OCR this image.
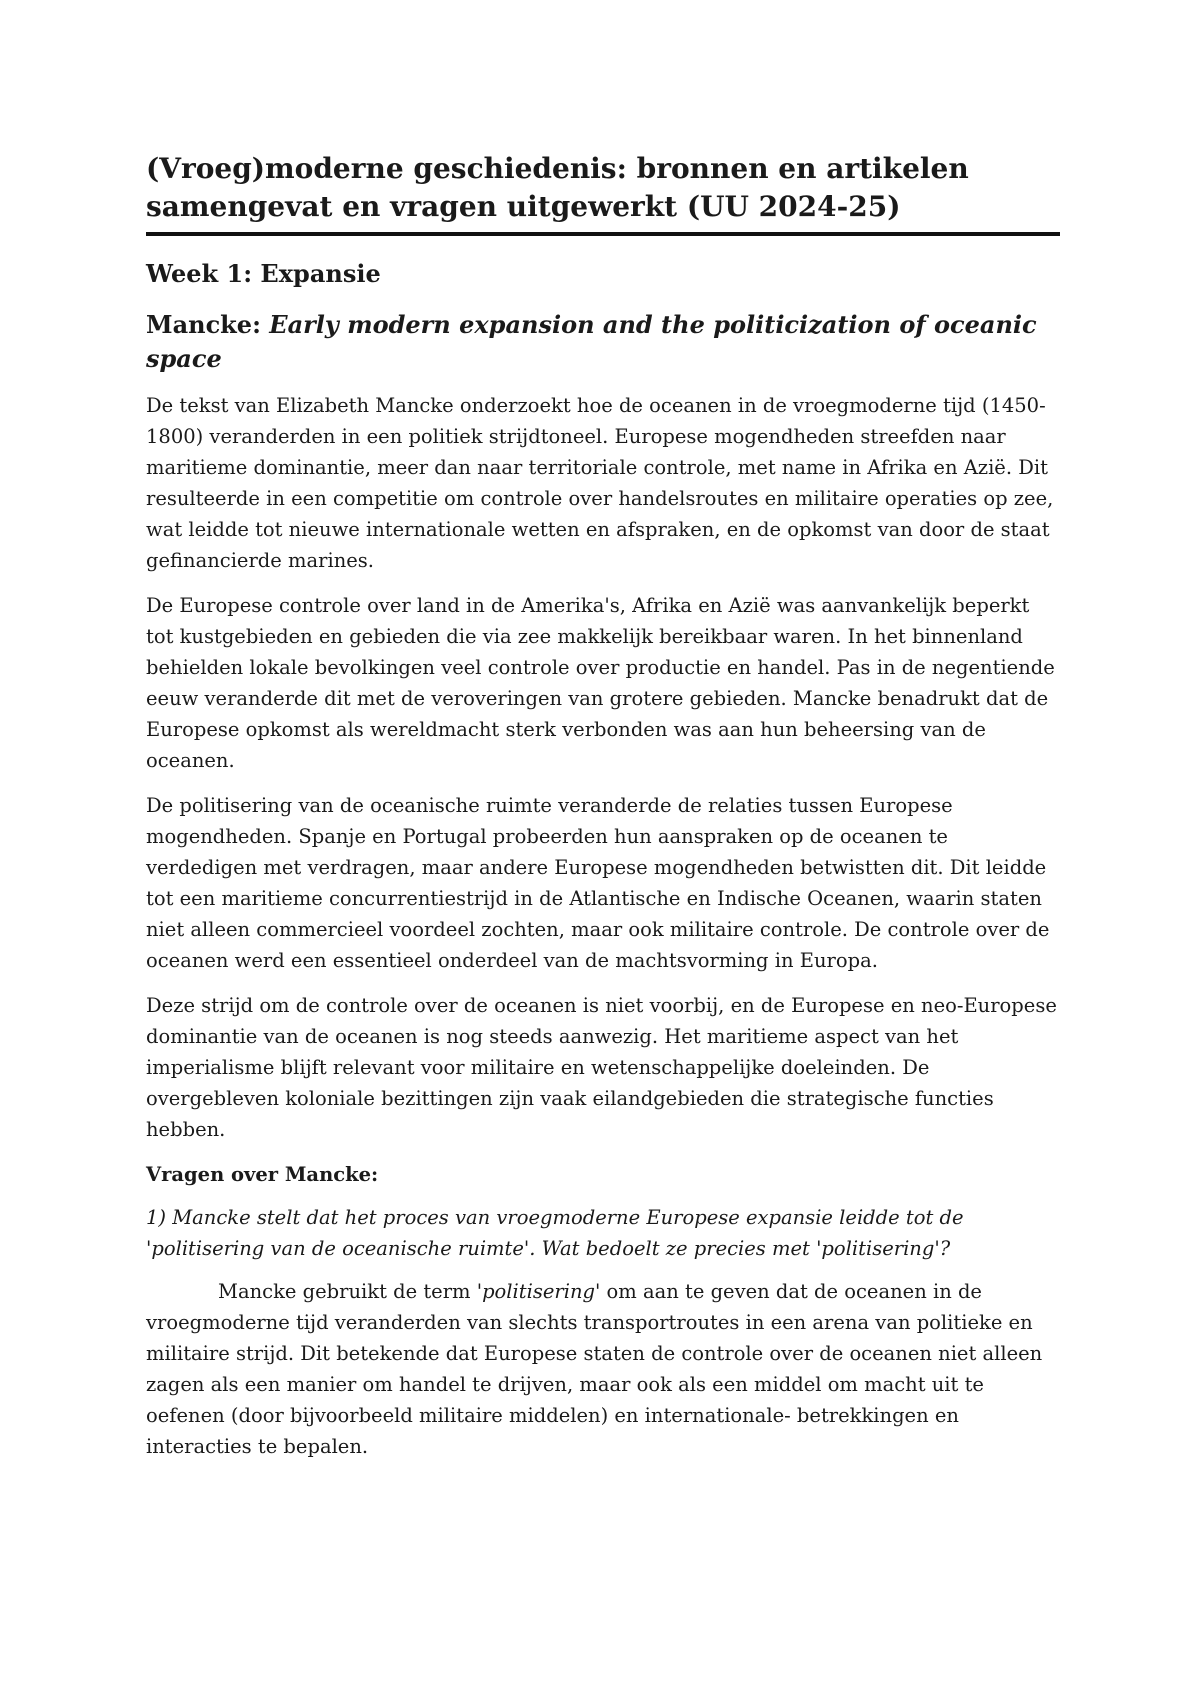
(Vroeg)moderne geschiedenis: bronnen en artikelen samengevat en vragen uitgewerkt (UU 2024-25)
Week 1: Expansie
Mancke: Early modern expansion and the politicization of oceanic space

De tekst van Elizabeth Mancke onderzoekt hoe de oceanen in de vroegmoderne tijd (1450-1800) veranderden in een politiek strijdtoneel. Europese mogendheden streefden naar maritieme dominantie, meer dan naar territoriale controle, met name in Afrika en Azië. Dit resulteerde in een competitie om controle over handelsroutes en militaire operaties op zee, wat leidde tot nieuwe internationale wetten en afspraken, en de opkomst van door de staat gefinancierde marines.

De Europese controle over land in de Amerika's, Afrika en Azië was aanvankelijk beperkt tot kustgebieden en gebieden die via zee makkelijk bereikbaar waren. In het binnenland behielden lokale bevolkingen veel controle over productie en handel. Pas in de negentiende eeuw veranderde dit met de veroveringen van grotere gebieden. Mancke benadrukt dat de Europese opkomst als wereldmacht sterk verbonden was aan hun beheersing van de oceanen.

De politisering van de oceanische ruimte veranderde de relaties tussen Europese mogendheden. Spanje en Portugal probeerden hun aanspraken op de oceanen te verdedigen met verdragen, maar andere Europese mogendheden betwistten dit. Dit leidde tot een maritieme concurrentiestrijd in de Atlantische en Indische Oceanen, waarin staten niet alleen commercieel voordeel zochten, maar ook militaire controle. De controle over de oceanen werd een essentieel onderdeel van de machtsvorming in Europa.

Deze strijd om de controle over de oceanen is niet voorbij, en de Europese en neo-Europese dominantie van de oceanen is nog steeds aanwezig. Het maritieme aspect van het imperialisme blijft relevant voor militaire en wetenschappelijke doeleinden. De overgebleven koloniale bezittingen zijn vaak eilandgebieden die strategische functies hebben.

Vragen over Mancke:

1) Mancke stelt dat het proces van vroegmoderne Europese expansie leidde tot de 'politisering van de oceanische ruimte'. Wat bedoelt ze precies met 'politisering'?

Mancke gebruikt de term 'politisering' om aan te geven dat de oceanen in de vroegmoderne tijd veranderden van slechts transportroutes in een arena van politieke en militaire strijd. Dit betekende dat Europese staten de controle over de oceanen niet alleen zagen als een manier om handel te drijven, maar ook als een middel om macht uit te oefenen (door bijvoorbeeld militaire middelen) en internationale- betrekkingen en interacties te bepalen.
